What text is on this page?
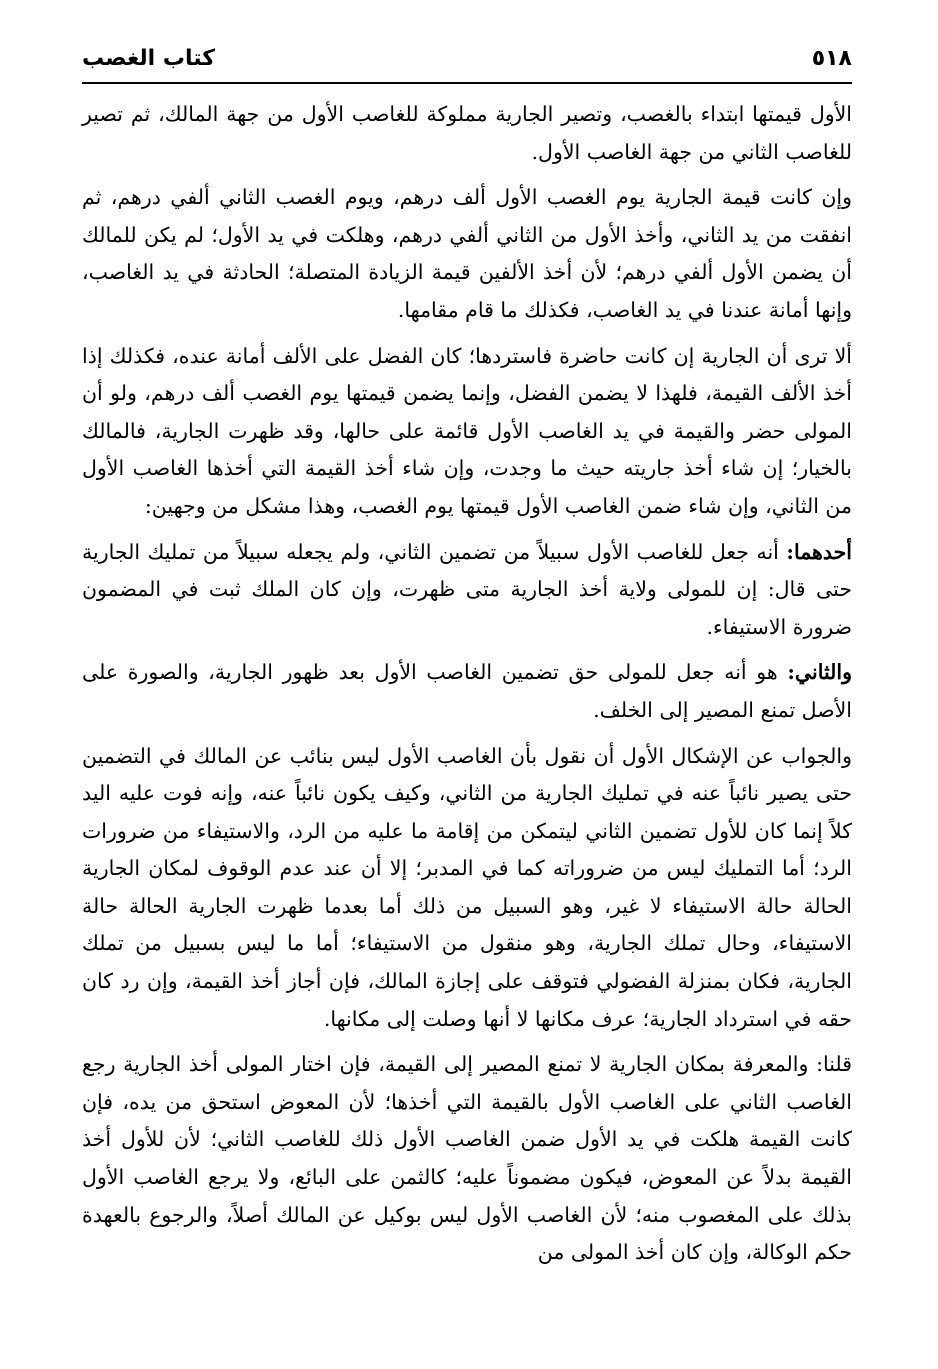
٥١٨
كتاب الغصب

الأول قيمتها ابتداء بالغصب، وتصير الجارية مملوكة للغاصب الأول من جهة المالك، ثم تصير للغاصب الثاني من جهة الغاصب الأول.

وإن كانت قيمة الجارية يوم الغصب الأول ألف درهم، ويوم الغصب الثاني ألفي درهم، ثم انفقت من يد الثاني، وأخذ الأول من الثاني ألفي درهم، وهلكت في يد الأول؛ لم يكن للمالك أن يضمن الأول ألفي درهم؛ لأن أخذ الألفين قيمة الزيادة المتصلة؛ الحادثة في يد الغاصب، وإنها أمانة عندنا في يد الغاصب، فكذلك ما قام مقامها.

ألا ترى أن الجارية إن كانت حاضرة فاستردها؛ كان الفضل على الألف أمانة عنده، فكذلك إذا أخذ الألف القيمة، فلهذا لا يضمن الفضل، وإنما يضمن قيمتها يوم الغصب ألف درهم، ولو أن المولى حضر والقيمة في يد الغاصب الأول قائمة على حالها، وقد ظهرت الجارية، فالمالك بالخيار؛ إن شاء أخذ جاريته حيث ما وجدت، وإن شاء أخذ القيمة التي أخذها الغاصب الأول من الثاني، وإن شاء ضمن الغاصب الأول قيمتها يوم الغصب، وهذا مشكل من وجهين:

أحدهما: أنه جعل للغاصب الأول سبيلاً من تضمين الثاني، ولم يجعله سبيلاً من تمليك الجارية حتى قال: إن للمولى ولاية أخذ الجارية متى ظهرت، وإن كان الملك ثبت في المضمون ضرورة الاستيفاء.

والثاني: هو أنه جعل للمولى حق تضمين الغاصب الأول بعد ظهور الجارية، والصورة على الأصل تمنع المصير إلى الخلف.

والجواب عن الإشكال الأول أن نقول بأن الغاصب الأول ليس بنائب عن المالك في التضمين حتى يصير نائباً عنه في تمليك الجارية من الثاني، وكيف يكون نائباً عنه، وإنه فوت عليه اليد كلاً إنما كان للأول تضمين الثاني ليتمكن من إقامة ما عليه من الرد، والاستيفاء من ضرورات الرد؛ أما التمليك ليس من ضروراته كما في المدبر؛ إلا أن عند عدم الوقوف لمكان الجارية الحالة حالة الاستيفاء لا غير، وهو السبيل من ذلك أما بعدما ظهرت الجارية الحالة حالة الاستيفاء، وحال تملك الجارية، وهو منقول من الاستيفاء؛ أما ما ليس بسبيل من تملك الجارية، فكان بمنزلة الفضولي فتوقف على إجازة المالك، فإن أجاز أخذ القيمة، وإن رد كان حقه في استرداد الجارية؛ عرف مكانها لا أنها وصلت إلى مكانها.

قلنا: والمعرفة بمكان الجارية لا تمنع المصير إلى القيمة، فإن اختار المولى أخذ الجارية رجع الغاصب الثاني على الغاصب الأول بالقيمة التي أخذها؛ لأن المعوض استحق من يده، فإن كانت القيمة هلكت في يد الأول ضمن الغاصب الأول ذلك للغاصب الثاني؛ لأن للأول أخذ القيمة بدلاً عن المعوض، فيكون مضموناً عليه؛ كالثمن على البائع، ولا يرجع الغاصب الأول بذلك على المغصوب منه؛ لأن الغاصب الأول ليس بوكيل عن المالك أصلاً، والرجوع بالعهدة حكم الوكالة، وإن كان أخذ المولى من
